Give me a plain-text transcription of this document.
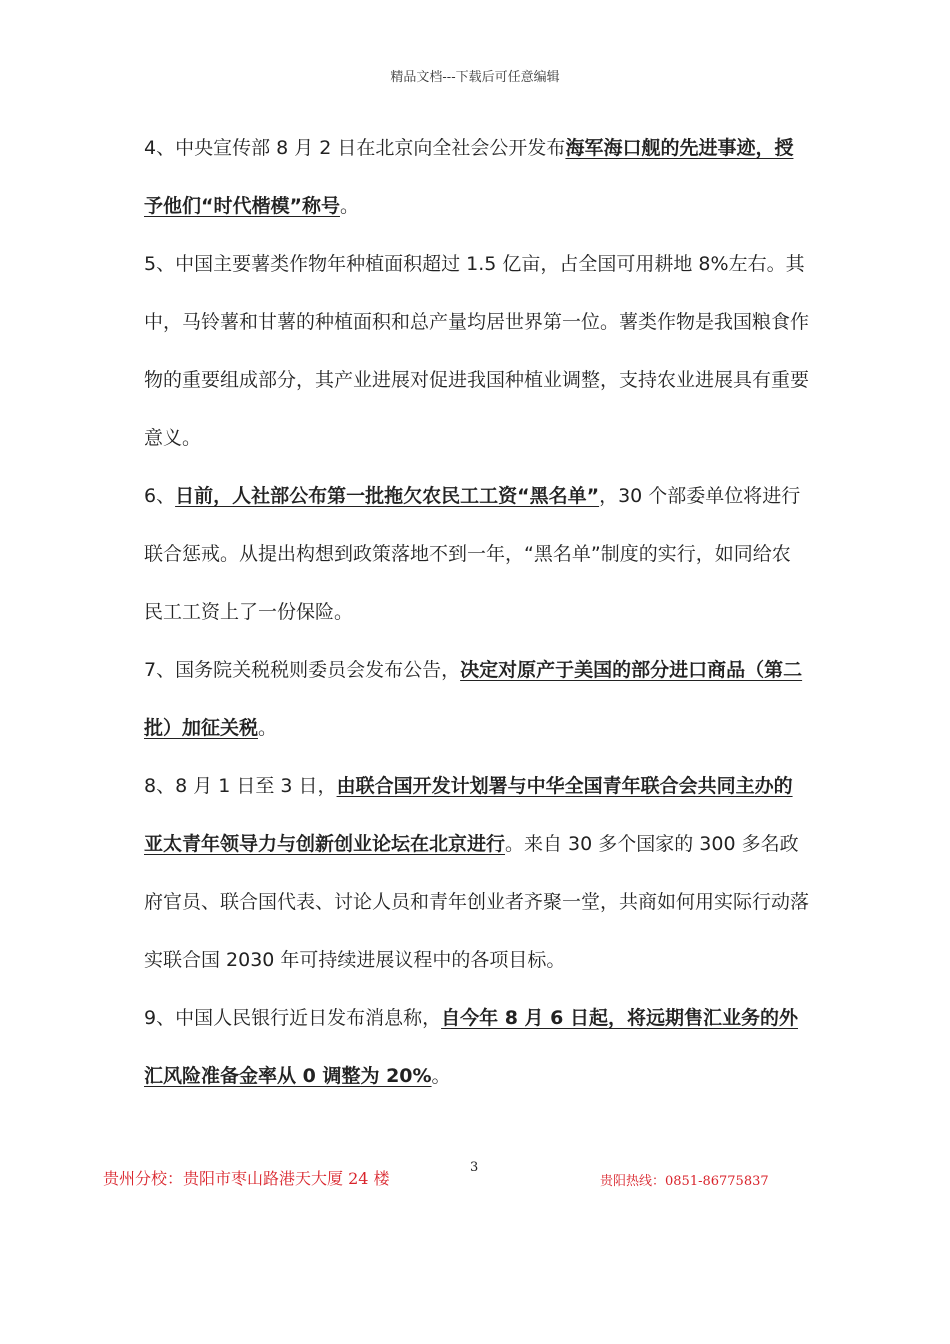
精品文档---下载后可任意编辑

4、中央宣传部 8 月 2 日在北京向全社会公开发布海军海口舰的先进事迹，授予他们“时代楷模”称号。

5、中国主要薯类作物年种植面积超过 1.5 亿亩，占全国可用耕地 8%左右。其中，马铃薯和甘薯的种植面积和总产量均居世界第一位。薯类作物是我国粮食作物的重要组成部分，其产业进展对促进我国种植业调整，支持农业进展具有重要意义。

6、日前，人社部公布第一批拖欠农民工工资“黑名单”，30 个部委单位将进行联合惩戒。从提出构想到政策落地不到一年，“黑名单”制度的实行，如同给农民工工资上了一份保险。

7、国务院关税税则委员会发布公告，决定对原产于美国的部分进口商品（第二批）加征关税。

8、8 月 1 日至 3 日，由联合国开发计划署与中华全国青年联合会共同主办的亚太青年领导力与创新创业论坛在北京进行。来自 30 多个国家的 300 多名政府官员、联合国代表、讨论人员和青年创业者齐聚一堂，共商如何用实际行动落实联合国 2030 年可持续进展议程中的各项目标。

9、中国人民银行近日发布消息称，自今年 8 月 6 日起，将远期售汇业务的外汇风险准备金率从 0 调整为 20%。

贵州分校：贵阳市枣山路港天大厦 24 楼
3
贵阳热线：0851-86775837
